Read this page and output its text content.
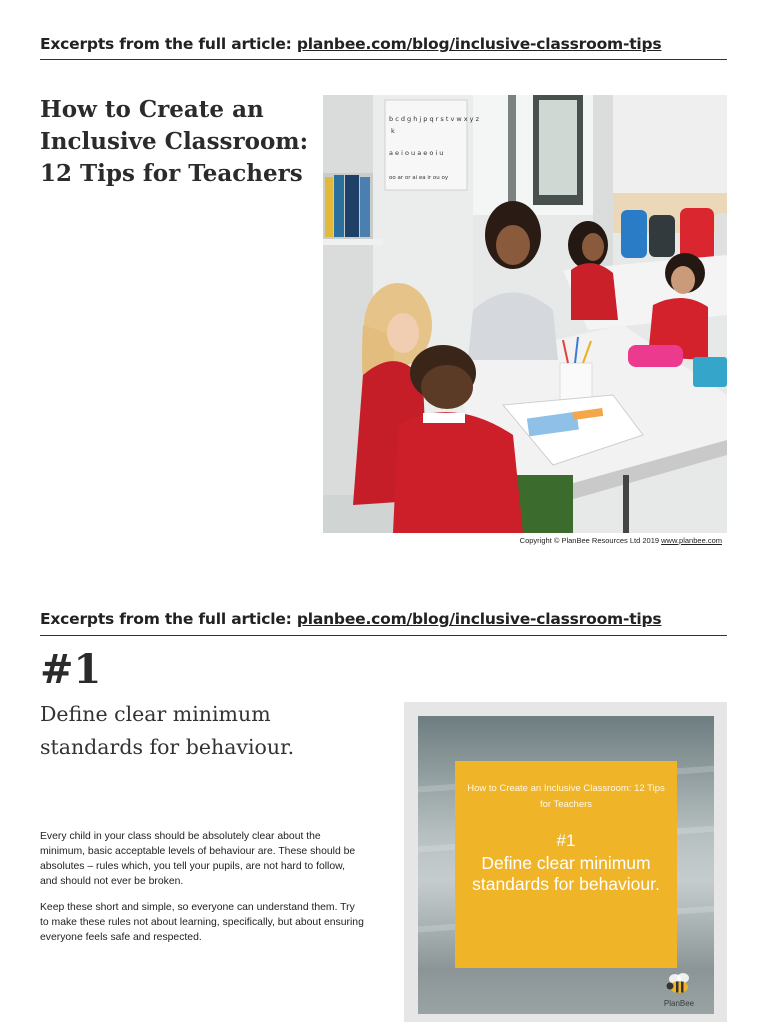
Excerpts from the full article: planbee.com/blog/inclusive-classroom-tips
How to Create an Inclusive Classroom: 12 Tips for Teachers
b c d g h j p q r s t v w x y z
k
a e i o u a e o i u
oo ar or ai ea ir ou oy
Copyright © PlanBee Resources Ltd 2019 www.planbee.com
Excerpts from the full article: planbee.com/blog/inclusive-classroom-tips
#1
Define clear minimum standards for behaviour.

Every child in your class should be absolutely clear about the minimum, basic acceptable levels of behaviour are. These should be absolutes – rules which, you tell your pupils, are not hard to follow, and should not ever be broken.

Keep these short and simple, so everyone can understand them. Try to make these rules not about learning, specifically, but about ensuring everyone feels safe and respected.

How to Create an Inclusive Classroom: 12 Tips for Teachers

#1

Define clear minimum standards for behaviour.

PlanBee
